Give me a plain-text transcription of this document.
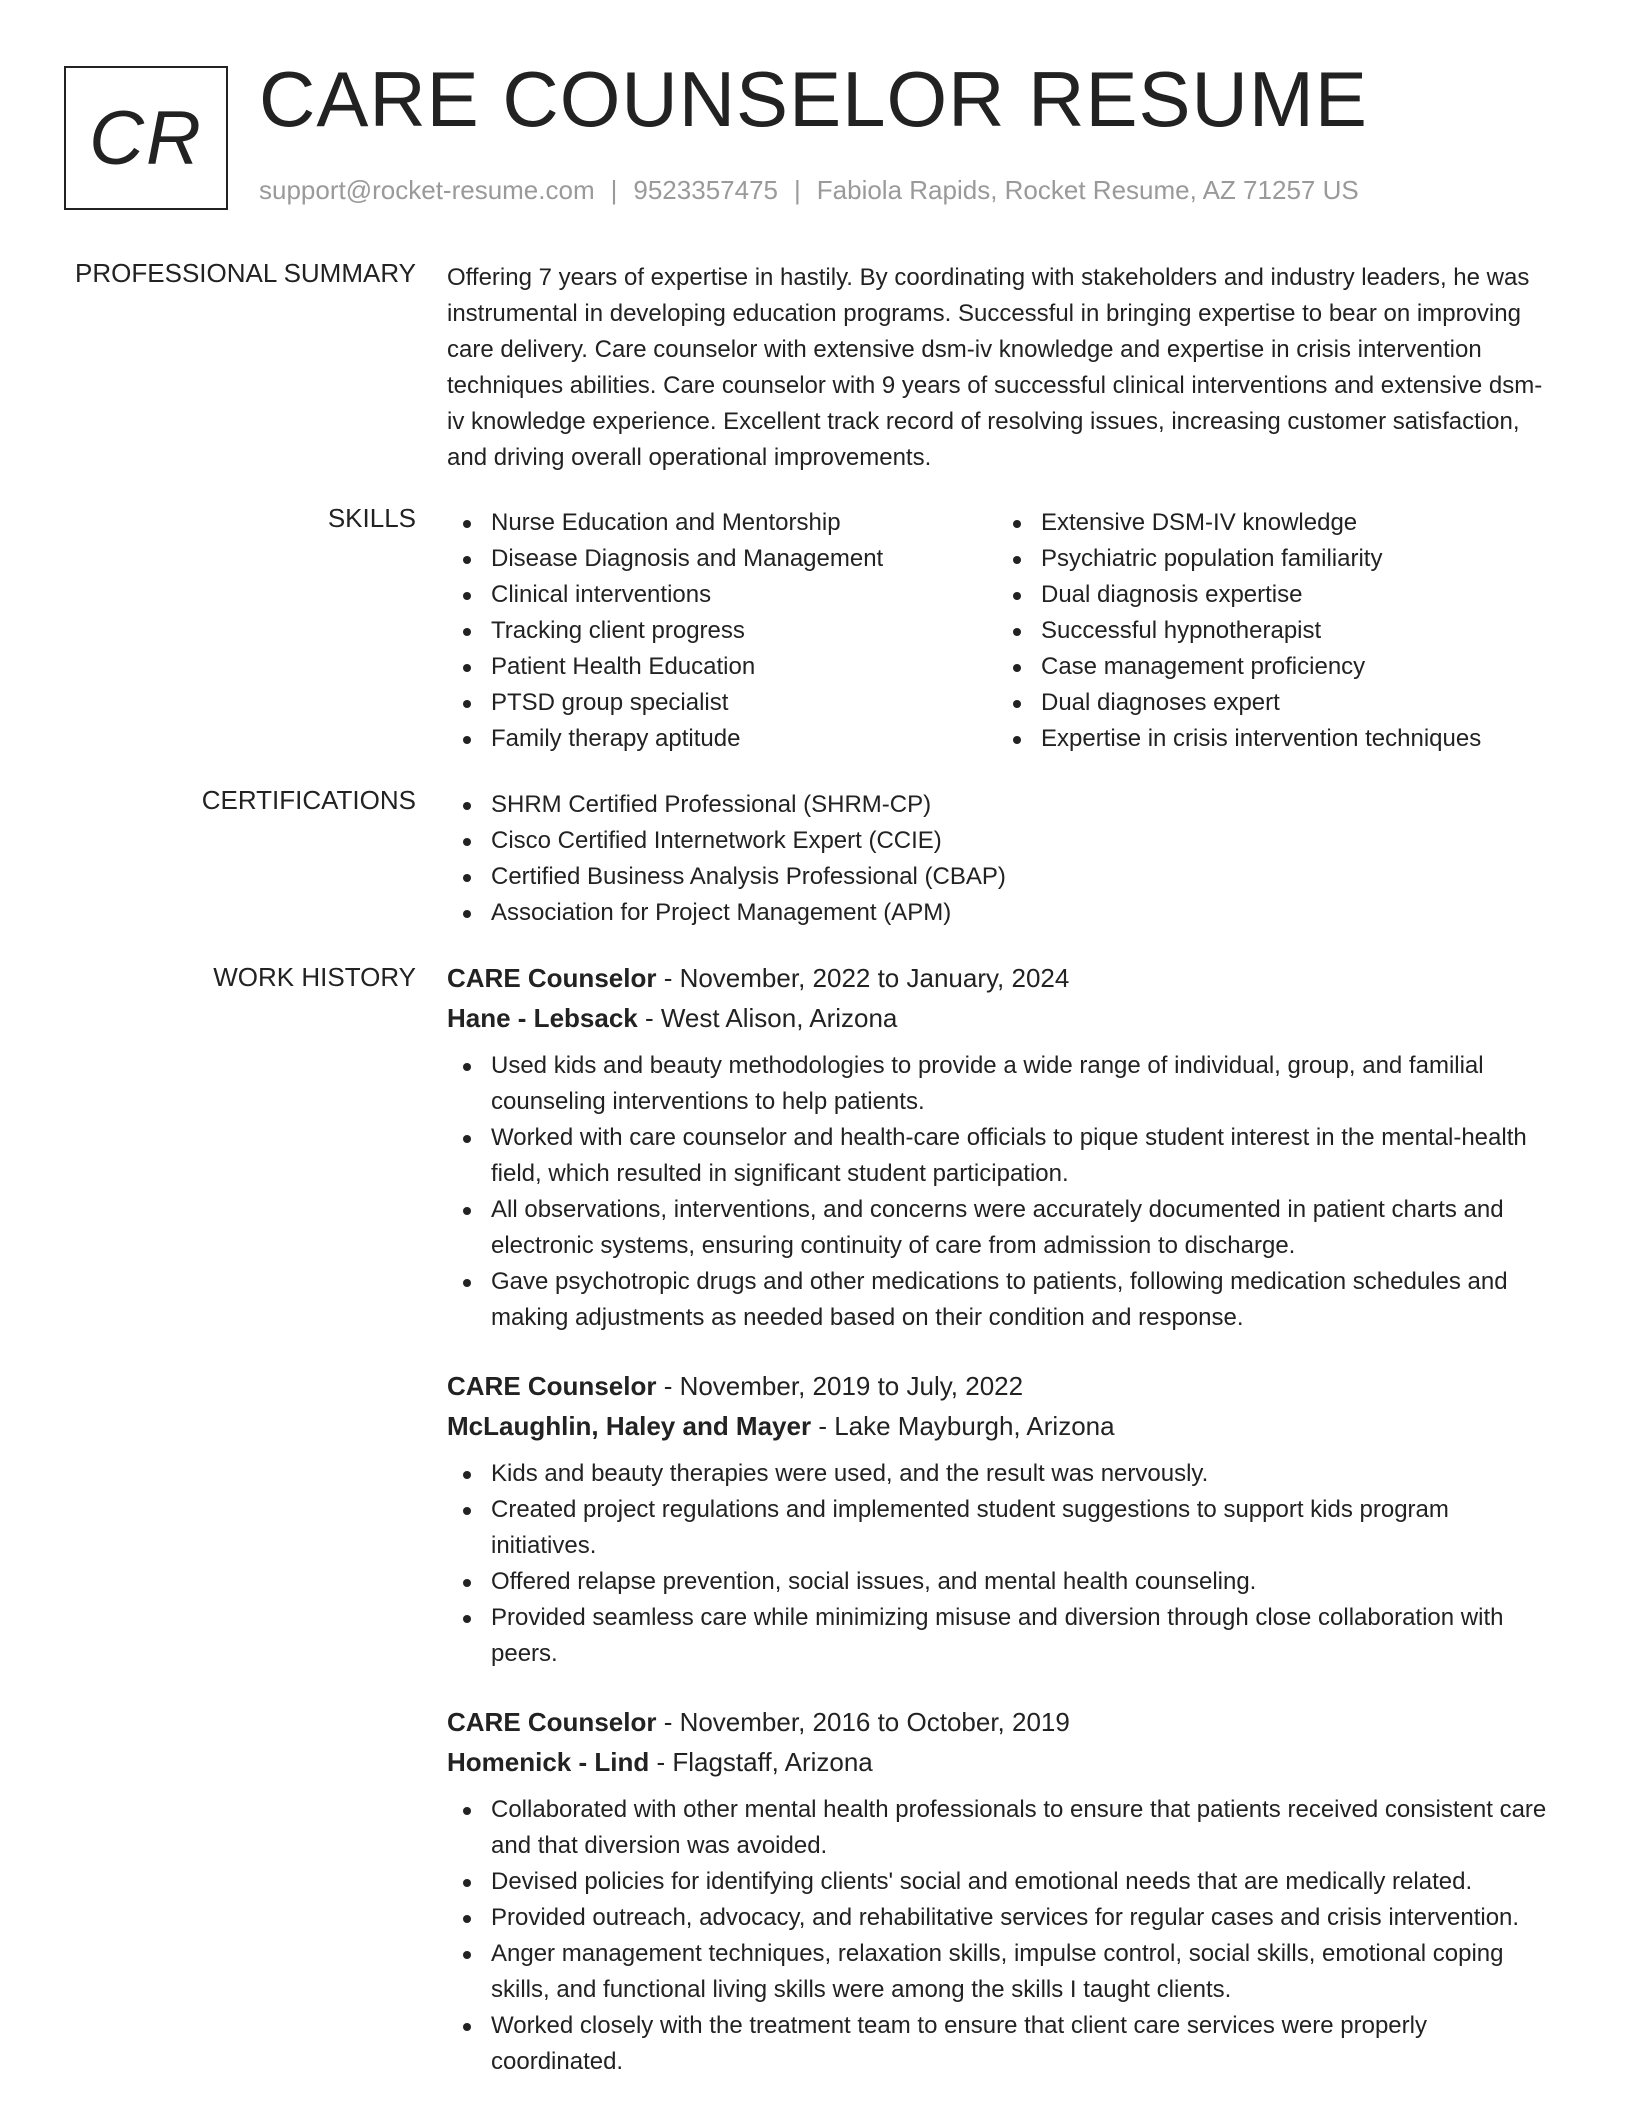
CR CARE COUNSELOR RESUME
support@rocket-resume.com | 9523357475 | Fabiola Rapids, Rocket Resume, AZ 71257 US
PROFESSIONAL SUMMARY Offering 7 years of expertise in hastily. By coordinating with stakeholders and industry leaders, he was instrumental in developing education programs. Successful in bringing expertise to bear on improving care delivery. Care counselor with extensive dsm-iv knowledge and expertise in crisis intervention techniques abilities. Care counselor with 9 years of successful clinical interventions and extensive dsm-iv knowledge experience. Excellent track record of resolving issues, increasing customer satisfaction, and driving overall operational improvements.
SKILLS	Nurse Education and Mentorship
Disease Diagnosis and Management
Clinical interventions
Tracking client progress
Patient Health Education
PTSD group specialist
Family therapy aptitude
Extensive DSM-IV knowledge
Psychiatric population familiarity
Dual diagnosis expertise
Successful hypnotherapist
Case management proficiency
Dual diagnoses expert
Expertise in crisis intervention techniques
CERTIFICATIONS	SHRM Certified Professional (SHRM-CP)
Cisco Certified Internetwork Expert (CCIE)
Certified Business Analysis Professional (CBAP)
Association for Project Management (APM)
WORK HISTORY CARE Counselor - November, 2022 to January, 2024
Hane - Lebsack - West Alison, Arizona
Used kids and beauty methodologies to provide a wide range of individual, group, and familial counseling interventions to help patients.
Worked with care counselor and health-care officials to pique student interest in the mental-health field, which resulted in significant student participation.
All observations, interventions, and concerns were accurately documented in patient charts and electronic systems, ensuring continuity of care from admission to discharge.
Gave psychotropic drugs and other medications to patients, following medication schedules and making adjustments as needed based on their condition and response.
CARE Counselor - November, 2019 to July, 2022
McLaughlin, Haley and Mayer - Lake Mayburgh, Arizona
Kids and beauty therapies were used, and the result was nervously.
Created project regulations and implemented student suggestions to support kids program initiatives.
Offered relapse prevention, social issues, and mental health counseling.
Provided seamless care while minimizing misuse and diversion through close collaboration with peers.
CARE Counselor - November, 2016 to October, 2019
Homenick - Lind - Flagstaff, Arizona
Collaborated with other mental health professionals to ensure that patients received consistent care and that diversion was avoided.
Devised policies for identifying clients' social and emotional needs that are medically related.
Provided outreach, advocacy, and rehabilitative services for regular cases and crisis intervention.
Anger management techniques, relaxation skills, impulse control, social skills, emotional coping skills, and functional living skills were among the skills I taught clients.
Worked closely with the treatment team to ensure that client care services were properly coordinated.
